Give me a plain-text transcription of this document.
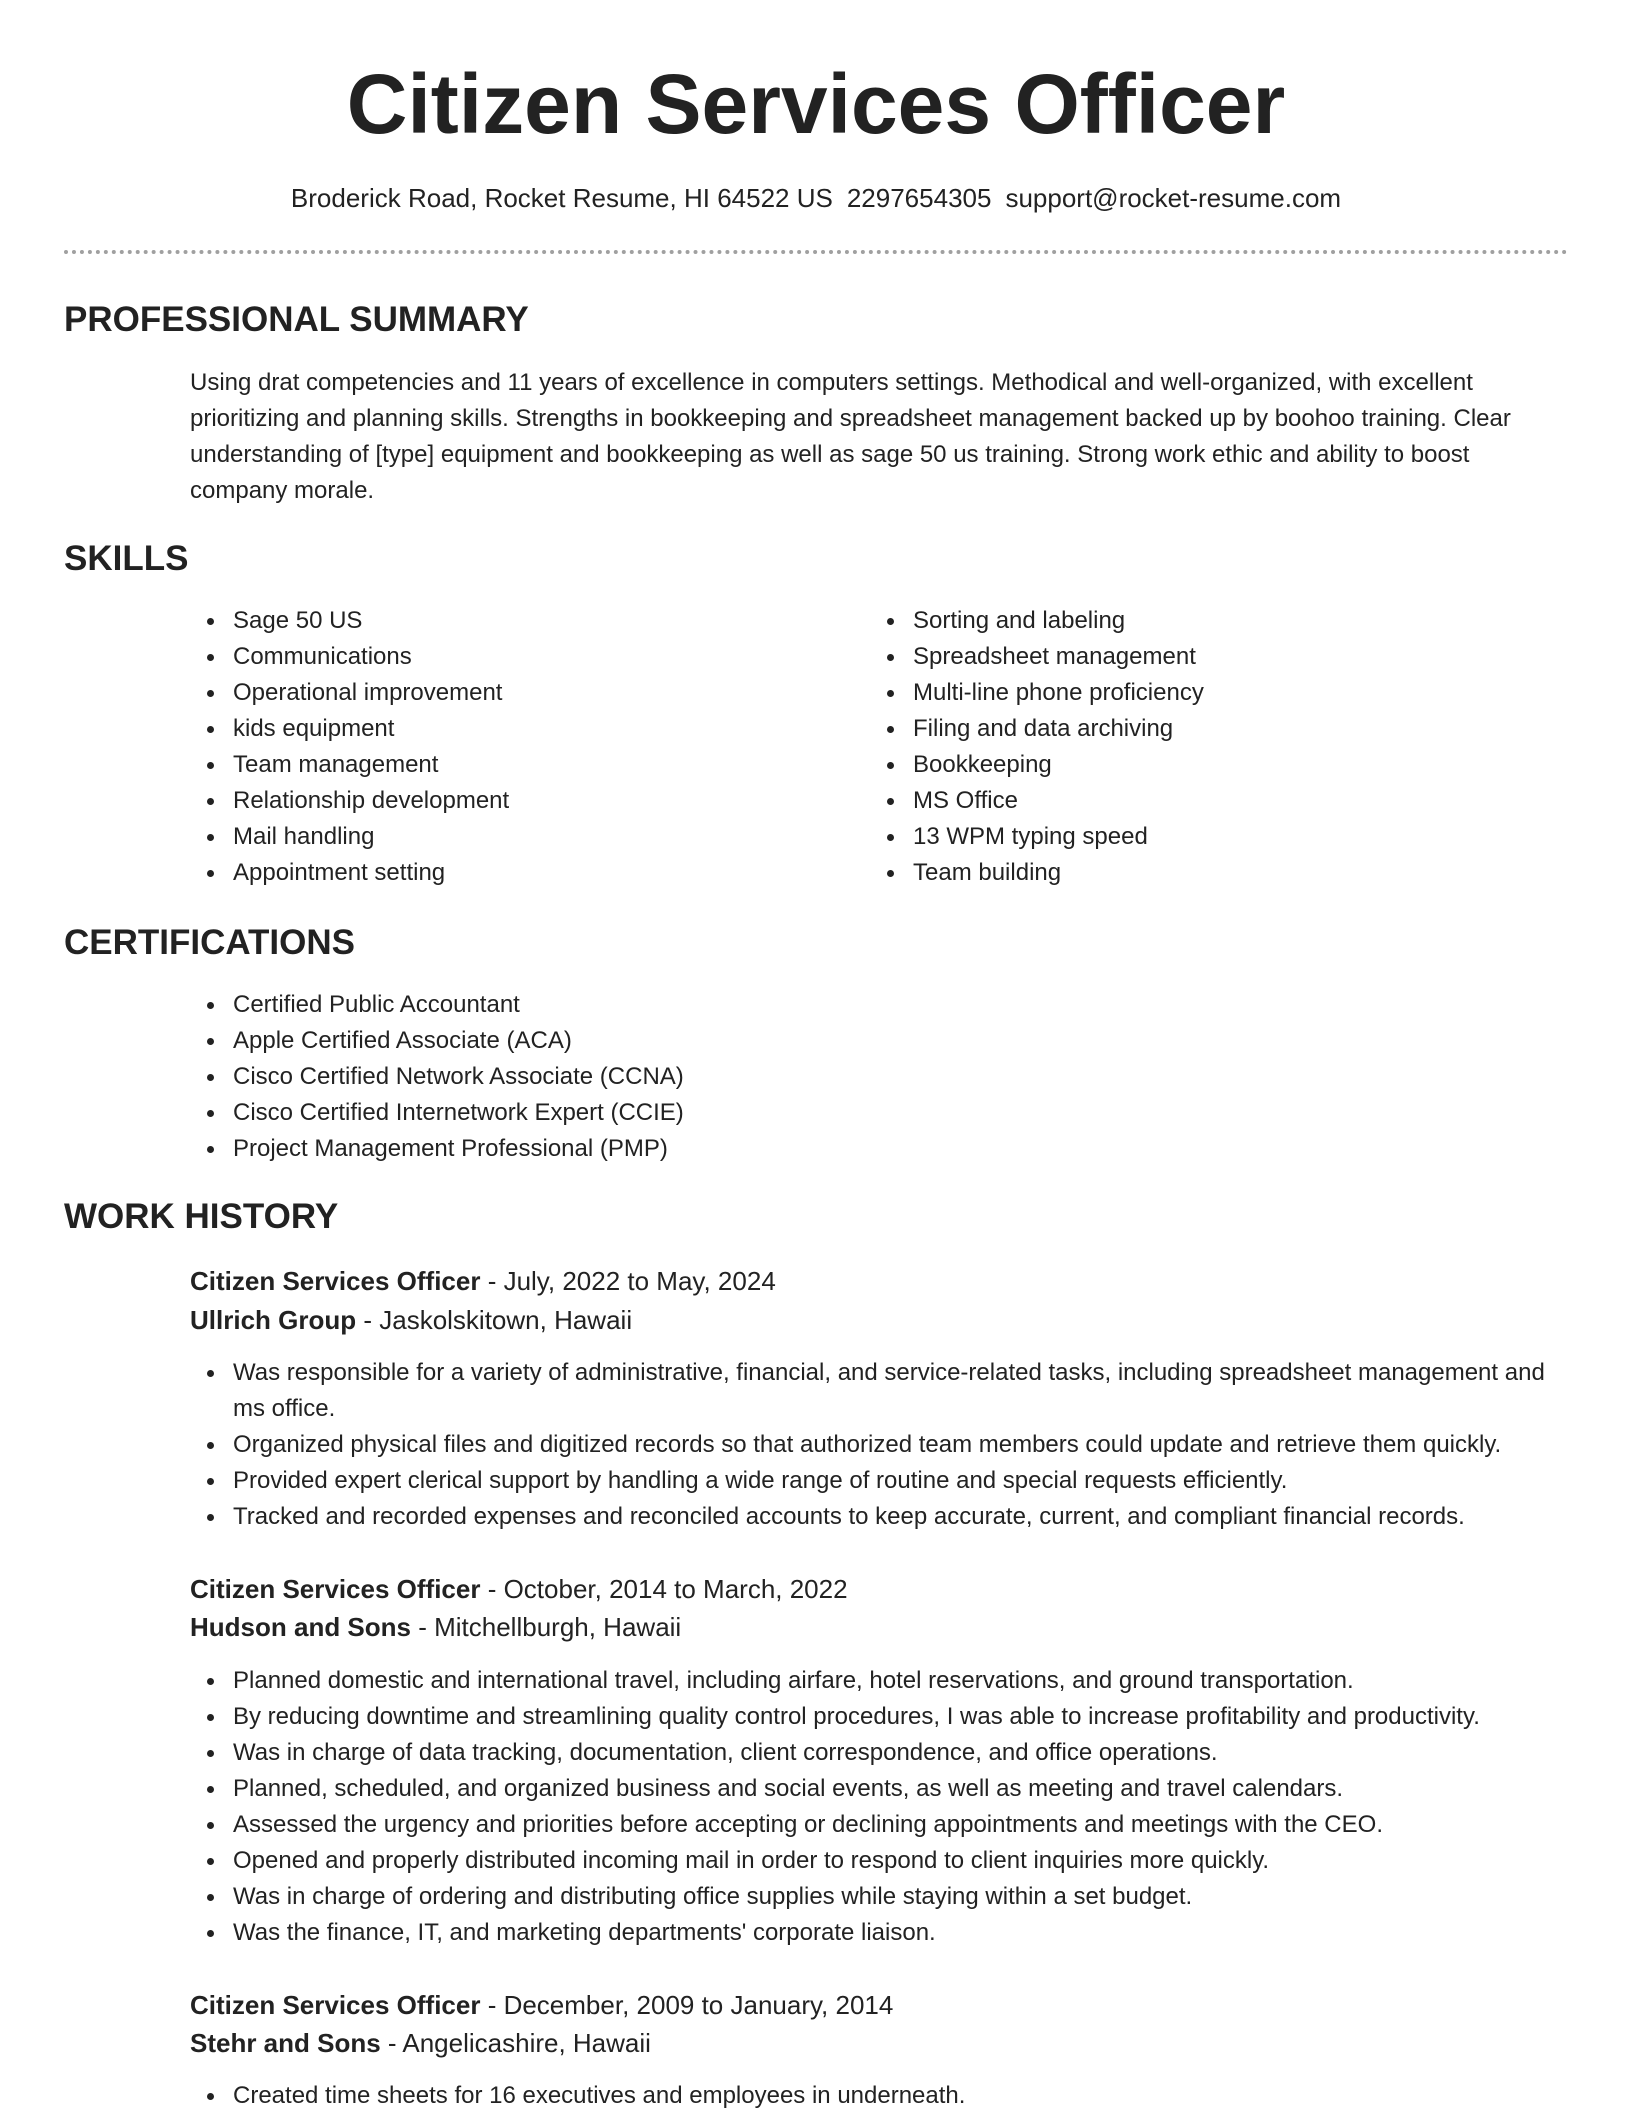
Citizen Services Officer
Broderick Road, Rocket Resume, HI 64522 US 2297654305 support@rocket-resume.com
PROFESSIONAL SUMMARY
Using drat competencies and 11 years of excellence in computers settings. Methodical and well-organized, with excellent prioritizing and planning skills. Strengths in bookkeeping and spreadsheet management backed up by boohoo training. Clear understanding of [type] equipment and bookkeeping as well as sage 50 us training. Strong work ethic and ability to boost company morale.
SKILLS
Sage 50 US
Communications
Operational improvement
kids equipment
Team management
Relationship development
Mail handling
Appointment setting
Sorting and labeling
Spreadsheet management
Multi-line phone proficiency
Filing and data archiving
Bookkeeping
MS Office
13 WPM typing speed
Team building
CERTIFICATIONS
Certified Public Accountant
Apple Certified Associate (ACA)
Cisco Certified Network Associate (CCNA)
Cisco Certified Internetwork Expert (CCIE)
Project Management Professional (PMP)
WORK HISTORY
Citizen Services Officer - July, 2022 to May, 2024
Ullrich Group - Jaskolskitown, Hawaii
Was responsible for a variety of administrative, financial, and service-related tasks, including spreadsheet management and ms office.
Organized physical files and digitized records so that authorized team members could update and retrieve them quickly.
Provided expert clerical support by handling a wide range of routine and special requests efficiently.
Tracked and recorded expenses and reconciled accounts to keep accurate, current, and compliant financial records.
Citizen Services Officer - October, 2014 to March, 2022
Hudson and Sons - Mitchellburgh, Hawaii
Planned domestic and international travel, including airfare, hotel reservations, and ground transportation.
By reducing downtime and streamlining quality control procedures, I was able to increase profitability and productivity.
Was in charge of data tracking, documentation, client correspondence, and office operations.
Planned, scheduled, and organized business and social events, as well as meeting and travel calendars.
Assessed the urgency and priorities before accepting or declining appointments and meetings with the CEO.
Opened and properly distributed incoming mail in order to respond to client inquiries more quickly.
Was in charge of ordering and distributing office supplies while staying within a set budget.
Was the finance, IT, and marketing departments' corporate liaison.
Citizen Services Officer - December, 2009 to January, 2014
Stehr and Sons - Angelicashire, Hawaii
Created time sheets for 16 executives and employees in underneath.
